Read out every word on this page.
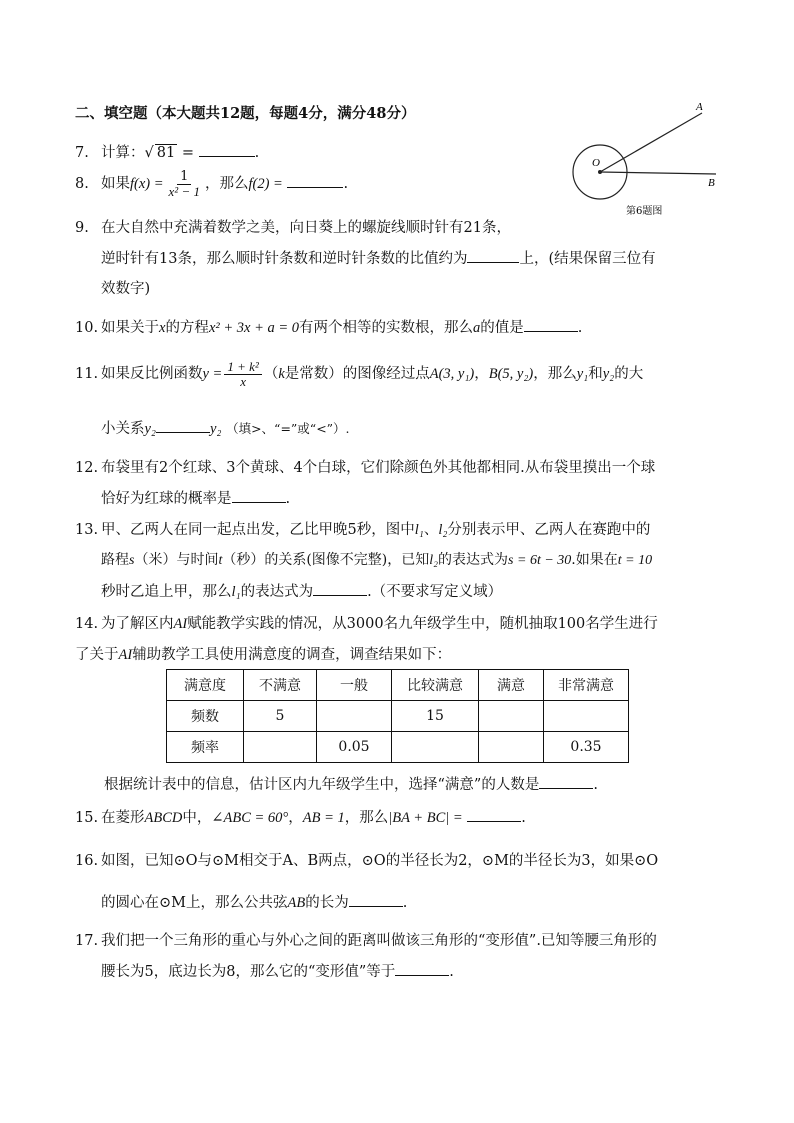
二、填空题（本大题共12题，每题4分，满分48分）
O
A
B
第6题图
7. 计算：√ 81 =	.
8. 如果$f(x) = \frac{1}{\text{x² − 1}}$ ，那么f(2) =	.
9. 在大自然中充满着数学之美，向日葵上的螺旋线顺时针有21条，
逆时针有13条，那么顺时针条数和逆时针条数的比值约为	上，(结果保留三位有
效数字)
10. 如果关于x的方程x² + 3x + a = 0有两个相等的实数根，那么a的值是	.
11. 如果反比例函数$y = \frac{\text{1 + k²}}{x} (k$是常数）的图像经过点A(3, y₁)，B(5, y₂)，那么y₁和y₂的大
小关系y₂	y₂ （填>、“=”或“<”）.
12. 布袋里有2个红球、3个黄球、4个白球，它们除颜色外其他都相同.从布袋里摸出一个球
恰好为红球的概率是	.
13. 甲、乙两人在同一起点出发，乙比甲晚5秒，图中l₁、l₂分别表示甲、乙两人在赛跑中的
路程s（米）与时间t（秒）的关系(图像不完整)，已知l₂的表达式为s = 6t − 30.如果在t = 10
秒时乙追上甲，那么l₁的表达式为	.（不要求写定义域）
14. 为了解区内AI赋能教学实践的情况，从3000名九年级学生中，随机抽取100名学生进行
了关于AI辅助教学工具使用满意度的调查，调查结果如下：
满意度	不满意	一般	比较满意	满意	非常满意
频数	5		15		
频率		0.05			0.35
根据统计表中的信息，估计区内九年级学生中，选择“满意”的人数是	.
15. 在菱形ABCD中，∠ABC = 60°，AB = 1，那么|BA + BC| =	.
16. 如图，已知⊙O与⊙M相交于A、B两点，⊙O的半径长为2，⊙M的半径长为3，如果⊙O
的圆心在⊙M上，那么公共弦AB的长为	.
17. 我们把一个三角形的重心与外心之间的距离叫做该三角形的“变形值”.已知等腰三角形的
腰长为5，底边长为8，那么它的“变形值”等于	.
